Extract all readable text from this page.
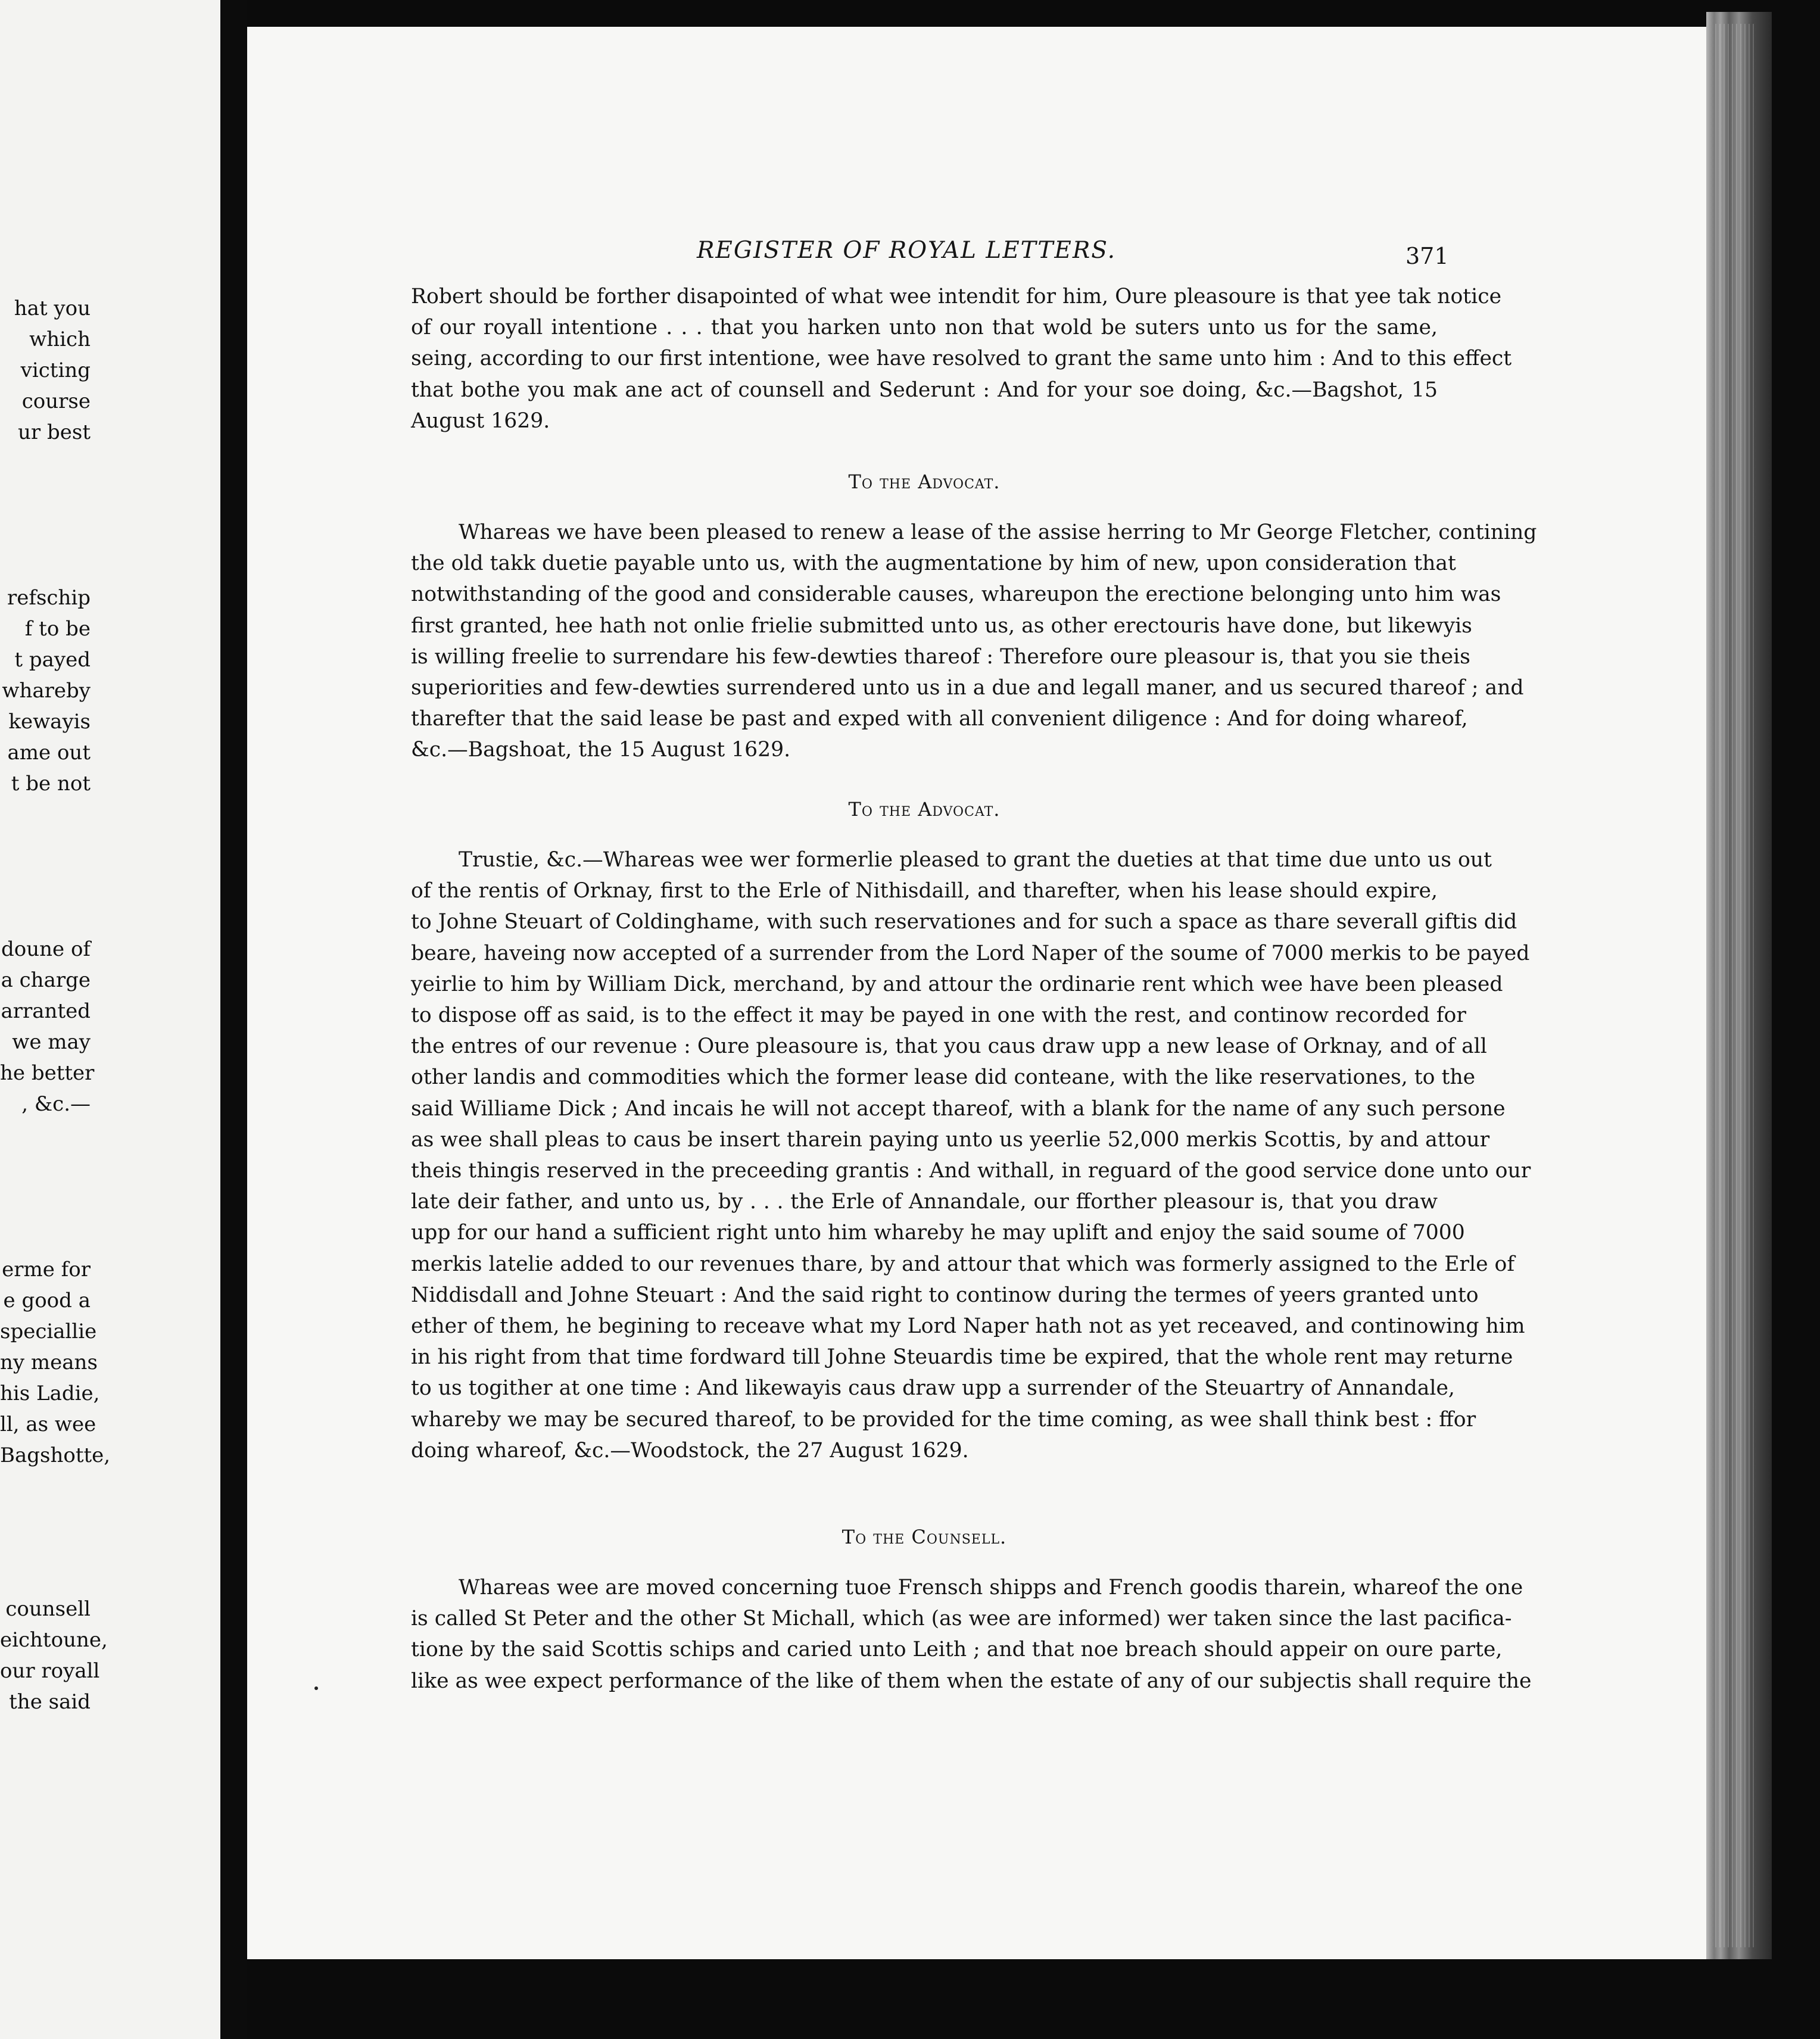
hat you
which
victing
course
ur best
refschip
f to be
t payed
whareby
kewayis
ame out
t be not
doune of
a charge
arranted
we may
he better
, &c.—
erme for
e good a
speciallie
ny means
his Ladie,
ll, as wee
Bagshotte,
counsell
eichtoune,
our royall
the said
REGISTER OF ROYAL LETTERS.	371
Robert should be forther disapointed of what wee intendit for him, Oure pleasoure is that yee tak notice
of our royall intentione . . . that you harken unto non that wold be suters unto us for the same,
seing, according to our first intentione, wee have resolved to grant the same unto him : And to this effect
that bothe you mak ane act of counsell and Sederunt : And for your soe doing, &c.—Bagshot, 15
August 1629.
To the Advocat.
Whareas we have been pleased to renew a lease of the assise herring to Mr George Fletcher, contining
the old takk duetie payable unto us, with the augmentatione by him of new, upon consideration that
notwithstanding of the good and considerable causes, whareupon the erectione belonging unto him was
first granted, hee hath not onlie frielie submitted unto us, as other erectouris have done, but likewyis
is willing freelie to surrendare his few-dewties thareof : Therefore oure pleasour is, that you sie theis
superiorities and few-dewties surrendered unto us in a due and legall maner, and us secured thareof ; and
tharefter that the said lease be past and exped with all convenient diligence : And for doing whareof,
&c.—Bagshoat, the 15 August 1629.
To the Advocat.
Trustie, &c.—Whareas wee wer formerlie pleased to grant the dueties at that time due unto us out
of the rentis of Orknay, first to the Erle of Nithisdaill, and tharefter, when his lease should expire,
to Johne Steuart of Coldinghame, with such reservationes and for such a space as thare severall giftis did
beare, haveing now accepted of a surrender from the Lord Naper of the soume of 7000 merkis to be payed
yeirlie to him by William Dick, merchand, by and attour the ordinarie rent which wee have been pleased
to dispose off as said, is to the effect it may be payed in one with the rest, and continow recorded for
the entres of our revenue : Oure pleasoure is, that you caus draw upp a new lease of Orknay, and of all
other landis and commodities which the former lease did conteane, with the like reservationes, to the
said Williame Dick ; And incais he will not accept thareof, with a blank for the name of any such persone
as wee shall pleas to caus be insert tharein paying unto us yeerlie 52,000 merkis Scottis, by and attour
theis thingis reserved in the preceeding grantis : And withall, in reguard of the good service done unto our
late deir father, and unto us, by . . . the Erle of Annandale, our fforther pleasour is, that you draw
upp for our hand a sufficient right unto him whareby he may uplift and enjoy the said soume of 7000
merkis latelie added to our revenues thare, by and attour that which was formerly assigned to the Erle of
Niddisdall and Johne Steuart : And the said right to continow during the termes of yeers granted unto
ether of them, he begining to receave what my Lord Naper hath not as yet receaved, and continowing him
in his right from that time fordward till Johne Steuardis time be expired, that the whole rent may returne
to us togither at one time : And likewayis caus draw upp a surrender of the Steuartry of Annandale,
whareby we may be secured thareof, to be provided for the time coming, as wee shall think best : ffor
doing whareof, &c.—Woodstock, the 27 August 1629.
To the Counsell.
Whareas wee are moved concerning tuoe Frensch shipps and French goodis tharein, whareof the one
is called St Peter and the other St Michall, which (as wee are informed) wer taken since the last pacifica-
tione by the said Scottis schips and caried unto Leith ; and that noe breach should appeir on oure parte,
like as wee expect performance of the like of them when the estate of any of our subjectis shall require the
